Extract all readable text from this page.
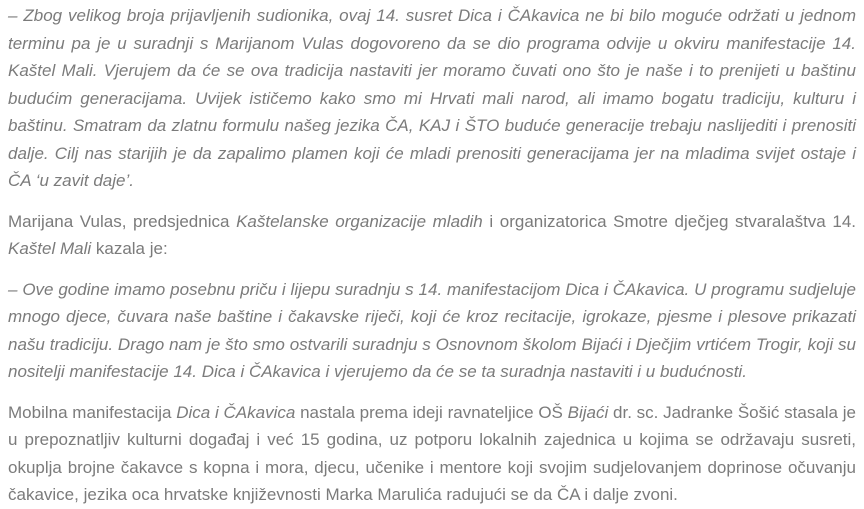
– Zbog velikog broja prijavljenih sudionika, ovaj 14. susret Dica i ČAkavica ne bi bilo moguće održati u jednom terminu pa je u suradnji s Marijanom Vulas dogovoreno da se dio programa odvije u okviru manifestacije 14. Kaštel Mali. Vjerujem da će se ova tradicija nastaviti jer moramo čuvati ono što je naše i to prenijeti u baštinu budućim generacijama. Uvijek ističemo kako smo mi Hrvati mali narod, ali imamo bogatu tradiciju, kulturu i baštinu. Smatram da zlatnu formulu našeg jezika ČA, KAJ i ŠTO buduće generacije trebaju naslijediti i prenositi dalje. Cilj nas starijih je da zapalimo plamen koji će mladi prenositi generacijama jer na mladima svijet ostaje i ČA ‘u zavit daje’.

Marijana Vulas, predsjednica Kaštelanske organizacije mladih i organizatorica Smotre dječjeg stvaralaštva 14. Kaštel Mali kazala je:

– Ove godine imamo posebnu priču i lijepu suradnju s 14. manifestacijom Dica i ČAkavica. U programu sudjeluje mnogo djece, čuvara naše baštine i čakavske riječi, koji će kroz recitacije, igrokaze, pjesme i plesove prikazati našu tradiciju. Drago nam je što smo ostvarili suradnju s Osnovnom školom Bijaći i Dječjim vrtićem Trogir, koji su nositelji manifestacije 14. Dica i ČAkavica i vjerujemo da će se ta suradnja nastaviti i u budućnosti.

Mobilna manifestacija Dica i ČAkavica nastala prema ideji ravnateljice OŠ Bijaći dr. sc. Jadranke Šošić stasala je u prepoznatljiv kulturni događaj i već 15 godina, uz potporu lokalnih zajednica u kojima se održavaju susreti, okuplja brojne čakavce s kopna i mora, djecu, učenike i mentore koji svojim sudjelovanjem doprinose očuvanju čakavice, jezika oca hrvatske književnosti Marka Marulića radujući se da ČA i dalje zvoni.
